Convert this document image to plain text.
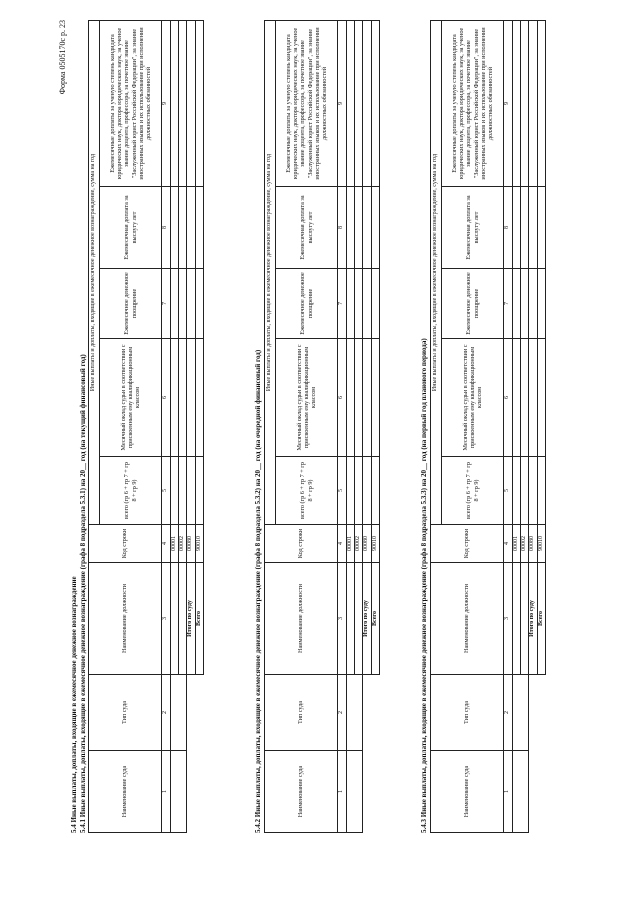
Форма 0505170с р. 23
5.4 Иные выплаты, доплаты, входящие в ежемесячное денежное вознаграждение 5.4.1 Иные выплаты, доплаты, входящие в ежемесячное денежное вознаграждение (графа 8 подраздела 5.3.1) на 20__ год (на текущий финансовый год)	Наименование суда	Тип суда	Наименование должности	Код строки	Иные выплаты и доплаты, входящие в ежемесячное денежное вознаграждение, сумма на год				
				всего (гр 6 + гр 7 + гр 8 + гр 9)	Месячный оклад судьи в соответствии с присвоенным ему квалификационным классом	Ежемесячное денежное поощрение	Ежемесячная доплата за выслугу лет	Ежемесячные доплаты за ученую степень кандидата юридических наук, доктора юридических наук, за ученое звание доцента, профессора, за почетное звание "Заслуженный юрист Российской Федерации", за знание иностранных языков и их использование при исполнении должностных обязанностей
1	2	3	4	5	6	7	8	9
			00001					
			00002					
		Итого по суду	00080					
		Всего	90010					
5.4.2 Иные выплаты, доплаты, входящие в ежемесячное денежное вознаграждение (графа 8 подраздела 5.3.2) на 20__ год (на очередной финансовый год)	Наименование суда	Тип суда	Наименование должности	Код строки	Иные выплаты и доплаты, входящие в ежемесячное денежное вознаграждение, сумма на год				
				всего (гр 6 + гр 7 + гр 8 + гр 9)	Месячный оклад судьи в соответствии с присвоенным ему квалификационным классом	Ежемесячное денежное поощрение	Ежемесячная доплата за выслугу лет	Ежемесячные доплаты за ученую степень кандидата юридических наук, доктора юридических наук, за ученое звание доцента, профессора, за почетное звание "Заслуженный юрист Российской Федерации", за знание иностранных языков и их использование при исполнении должностных обязанностей
1	2	3	4	5	6	7	8	9
			00001					
			00002					
		Итого по суду	00080					
		Всего	90010					
5.4.3 Иные выплаты, доплаты, входящие в ежемесячное денежное вознаграждение (графа 8 подраздела 5.3.3) на 20__ год (на первый год планового периода)	Наименование суда	Тип суда	Наименование должности	Код строки	Иные выплаты и доплаты, входящие в ежемесячное денежное вознаграждение, сумма на год				
				всего (гр 6 + гр 7 + гр 8 + гр 9)	Месячный оклад судьи в соответствии с присвоенным ему квалификационным классом	Ежемесячное денежное поощрение	Ежемесячная доплата за выслугу лет	Ежемесячные доплаты за ученую степень кандидата юридических наук, доктора юридических наук, за ученое звание доцента, профессора, за почетное звание "Заслуженный юрист Российской Федерации", за знание иностранных языков и их использование при исполнении должностных обязанностей
1	2	3	4	5	6	7	8	9
			00001					
			00002					
		Итого по суду	00080					
		Всего	90010					
